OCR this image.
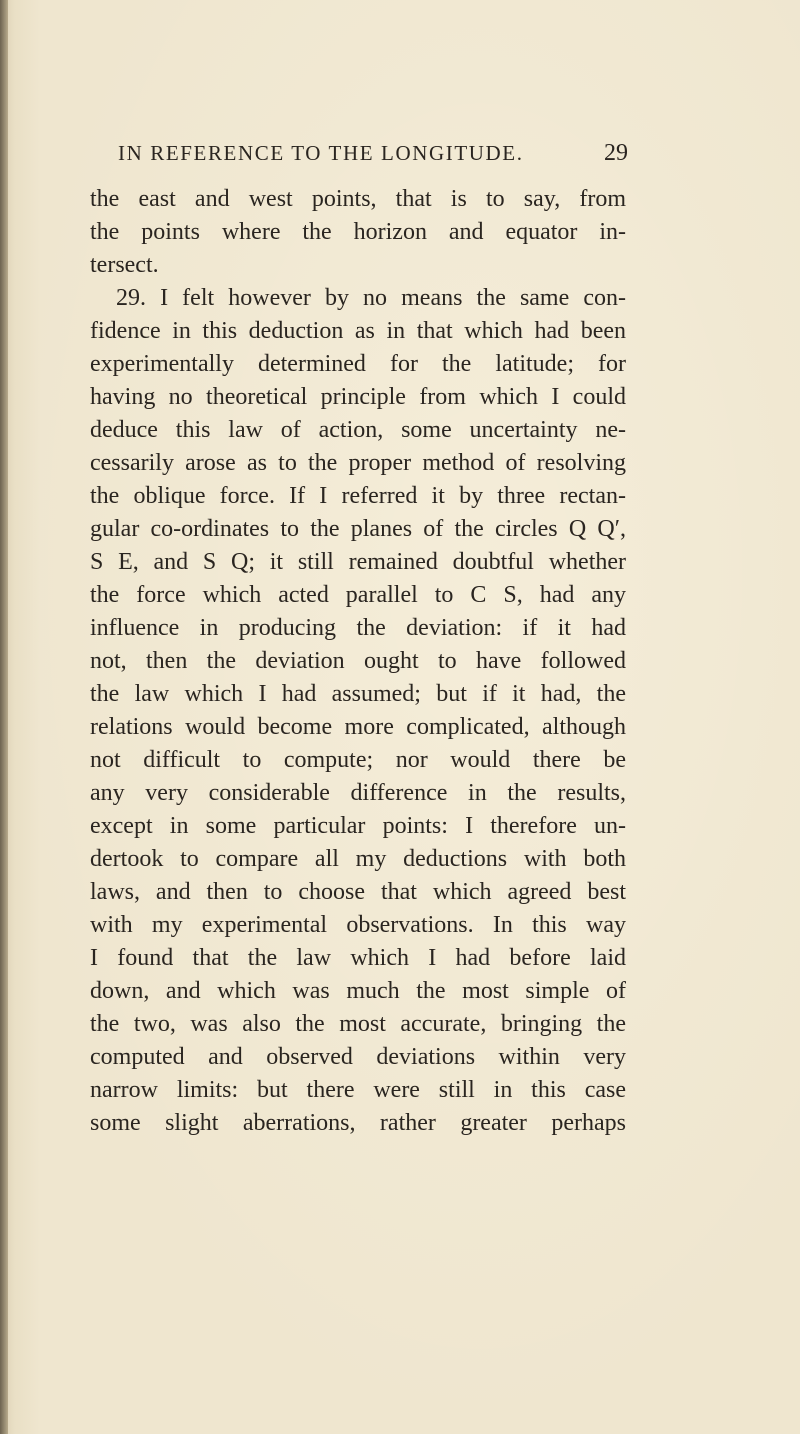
IN REFERENCE TO THE LONGITUDE.	29
the east and west points, that is to say, from
the points where the horizon and equator in-
tersect.
29. I felt however by no means the same con-
fidence in this deduction as in that which had been
experimentally determined for the latitude; for
having no theoretical principle from which I could
deduce this law of action, some uncertainty ne-
cessarily arose as to the proper method of resolving
the oblique force. If I referred it by three rectan-
gular co-ordinates to the planes of the circles Q Q′,
S E, and S Q; it still remained doubtful whether
the force which acted parallel to C S, had any
influence in producing the deviation: if it had
not, then the deviation ought to have followed
the law which I had assumed; but if it had, the
relations would become more complicated, although
not difficult to compute; nor would there be
any very considerable difference in the results,
except in some particular points: I therefore un-
dertook to compare all my deductions with both
laws, and then to choose that which agreed best
with my experimental observations. In this way
I found that the law which I had before laid
down, and which was much the most simple of
the two, was also the most accurate, bringing the
computed and observed deviations within very
narrow limits: but there were still in this case
some slight aberrations, rather greater perhaps
